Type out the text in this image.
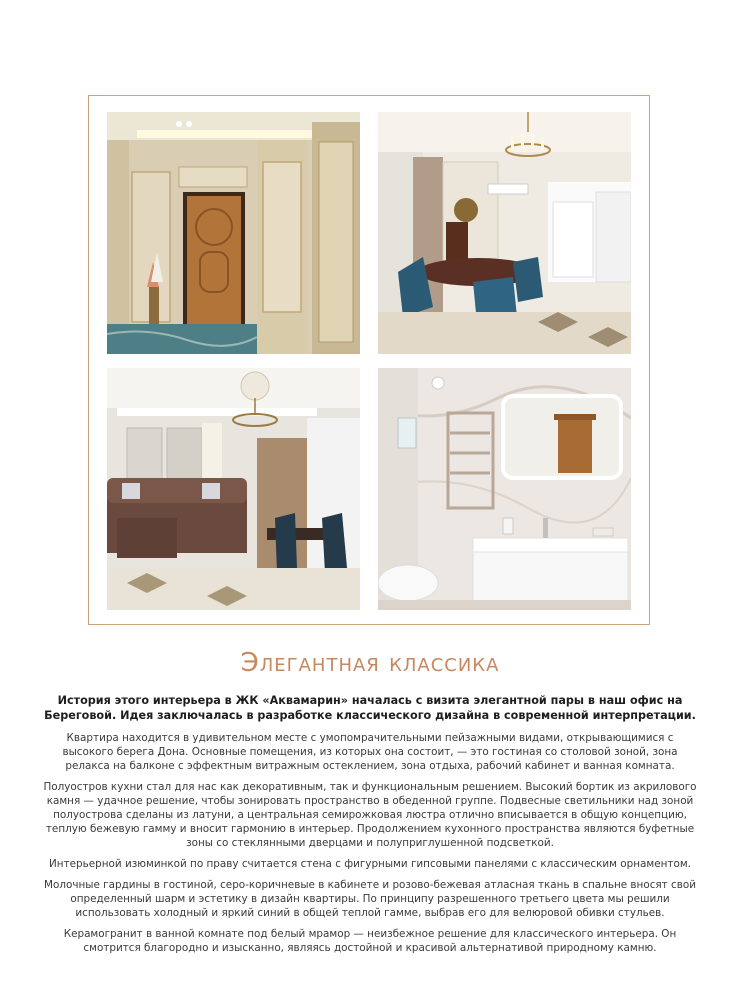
Элегантная классика

История этого интерьера в ЖК «Аквамарин» началась с визита элегантной пары в наш офис на Береговой. Идея заключалась в разработке классического дизайна в современной интерпретации.

Квартира находится в удивительном месте с умопомрачительными пейзажными видами, открывающимися с высокого берега Дона. Основные помещения, из которых она состоит, — это гостиная со столовой зоной, зона релакса на балконе с эффектным витражным остеклением, зона отдыха, рабочий кабинет и ванная комната.

Полуостров кухни стал для нас как декоративным, так и функциональным решением. Высокий бортик из акрилового камня — удачное решение, чтобы зонировать пространство в обеденной группе. Подвесные светильники над зоной полуострова сделаны из латуни, а центральная семирожковая люстра отлично вписывается в общую концепцию, теплую бежевую гамму и вносит гармонию в интерьер. Продолжением кухонного пространства являются буфетные зоны со стеклянными дверцами и полуприглушенной подсветкой.

Интерьерной изюминкой по праву считается стена с фигурными гипсовыми панелями с классическим орнаментом.

Молочные гардины в гостиной, серо-коричневые в кабинете и розово-бежевая атласная ткань в спальне вносят свой определенный шарм и эстетику в дизайн квартиры. По принципу разрешенного третьего цвета мы решили использовать холодный и яркий синий в общей теплой гамме, выбрав его для велюровой обивки стульев.

Керамогранит в ванной комнате под белый мрамор — неизбежное решение для классического интерьера. Он смотрится благородно и изысканно, являясь достойной и красивой альтернативой природному камню.
